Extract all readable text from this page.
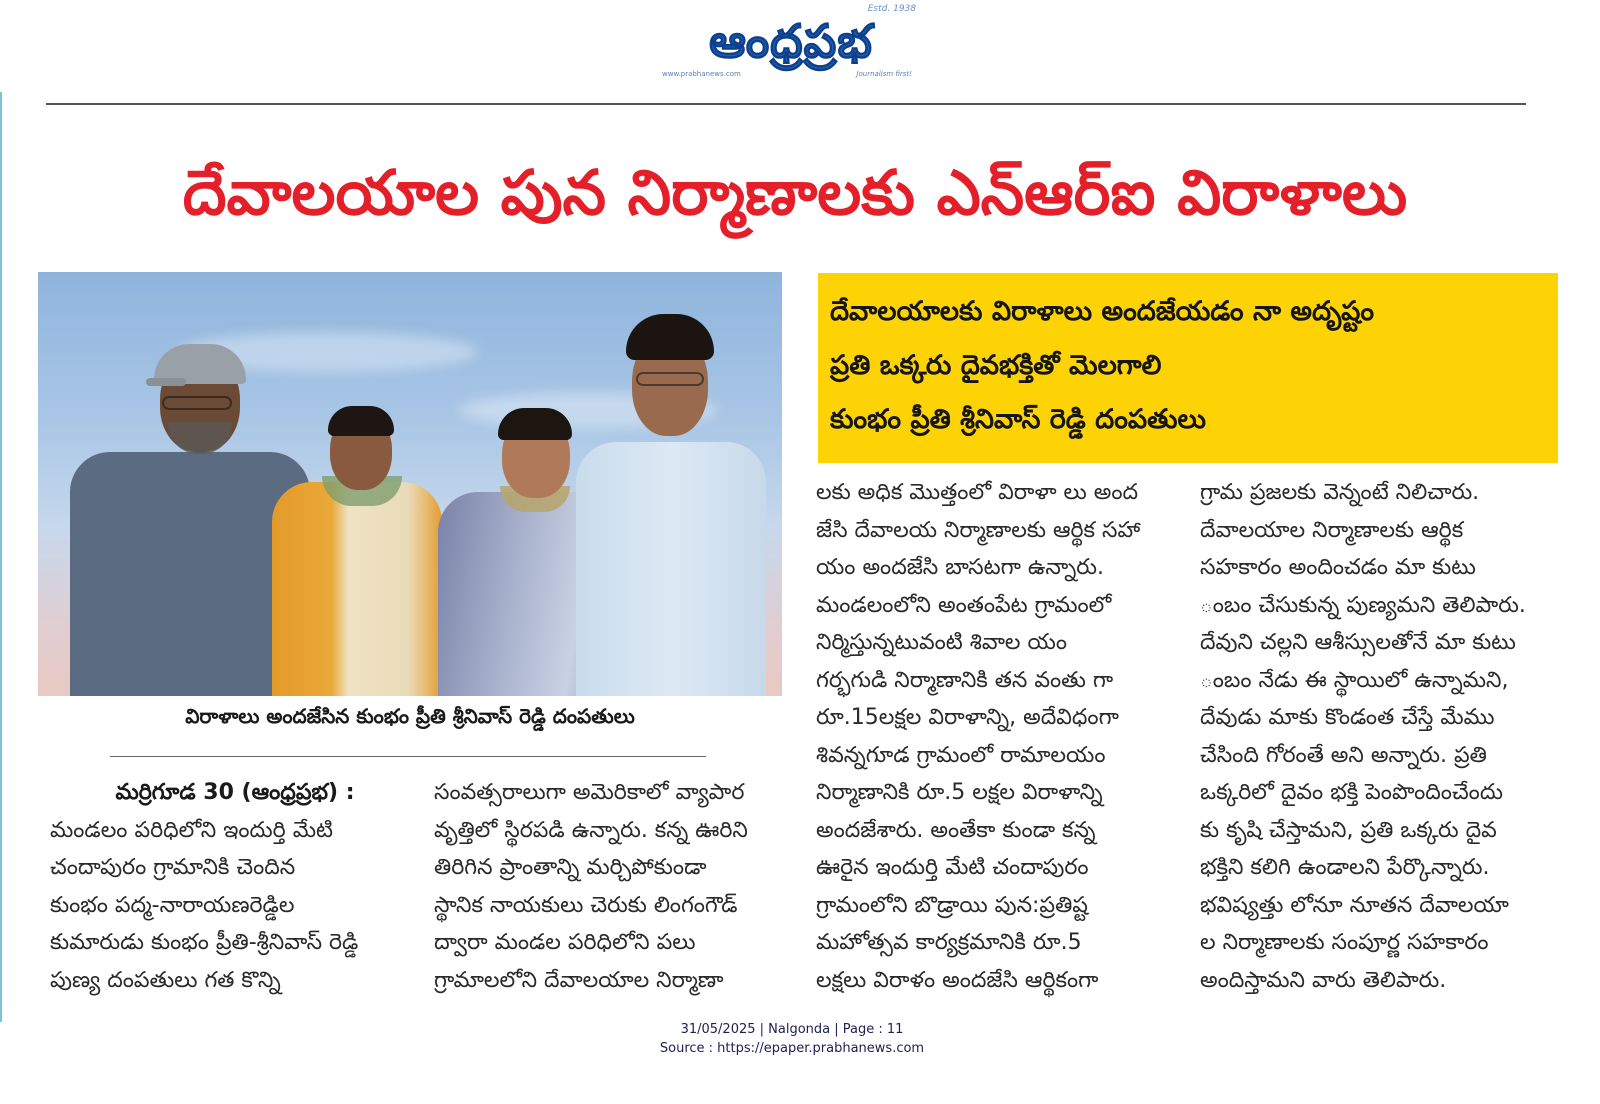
Estd. 1938
ఆంధ్రప్రభ
www.prabhanews.com	Journalism first!
దేవాలయాల పున నిర్మాణాలకు ఎన్ఆర్ఐ విరాళాలు
విరాళాలు అందజేసిన కుంభం ప్రీతి శ్రీనివాస్ రెడ్డి దంపతులు
దేవాలయాలకు విరాళాలు అందజేయడం నా అదృష్టం
ప్రతి ఒక్కరు దైవభక్తితో మెలగాలి
కుంభం ప్రీతి శ్రీనివాస్ రెడ్డి దంపతులు
మర్రిగూడ 30 (ఆంధ్రప్రభ) :
మండలం పరిధిలోని ఇందుర్తి మేటి
చందాపురం గ్రామానికి చెందిన
కుంభం పద్మ-నారాయణరెడ్డిల
కుమారుడు కుంభం ప్రీతి-శ్రీనివాస్ రెడ్డి
పుణ్య దంపతులు గత కొన్ని
సంవత్సరాలుగా అమెరికాలో వ్యాపార
వృత్తిలో స్థిరపడి ఉన్నారు. కన్న ఊరిని
తిరిగిన ప్రాంతాన్ని మర్చిపోకుండా
స్థానిక నాయకులు చెరుకు లింగంగౌడ్
ద్వారా మండల పరిధిలోని పలు
గ్రామాలలోని దేవాలయాల నిర్మాణా
లకు అధిక మొత్తంలో విరాళా లు అంద
జేసి దేవాలయ నిర్మాణాలకు ఆర్థిక సహా
యం అందజేసి బాసటగా ఉన్నారు.
మండలంలోని అంతంపేట గ్రామంలో
నిర్మిస్తున్నటువంటి శివాల యం
గర్భగుడి నిర్మాణానికి తన వంతు గా
రూ.15లక్షల విరాళాన్ని, అదేవిధంగా
శివన్నగూడ గ్రామంలో రామాలయం
నిర్మాణానికి రూ.5 లక్షల విరాళాన్ని
అందజేశారు. అంతేకా కుండా కన్న
ఊరైన ఇందుర్తి మేటి చందాపురం
గ్రామంలోని బొడ్రాయి పున:ప్రతిష్ట
మహోత్సవ కార్యక్రమానికి రూ.5
లక్షలు విరాళం అందజేసి ఆర్థికంగా
గ్రామ ప్రజలకు వెన్నంటే నిలిచారు.
దేవాలయాల నిర్మాణాలకు ఆర్థిక
సహకారం అందించడం మా కుటు
ంబం చేసుకున్న పుణ్యమని తెలిపారు.
దేవుని చల్లని ఆశీస్సులతోనే మా కుటు
ంబం నేడు ఈ స్థాయిలో ఉన్నామని,
దేవుడు మాకు కొండంత చేస్తే మేము
చేసింది గోరంతే అని అన్నారు. ప్రతి
ఒక్కరిలో దైవం భక్తి పెంపొందించేందు
కు కృషి చేస్తామని, ప్రతి ఒక్కరు దైవ
భక్తిని కలిగి ఉండాలని పేర్కొన్నారు.
భవిష్యత్తు లోనూ నూతన దేవాలయా
ల నిర్మాణాలకు సంపూర్ణ సహకారం
అందిస్తామని వారు తెలిపారు.
31/05/2025 | Nalgonda | Page : 11
Source : https://epaper.prabhanews.com
